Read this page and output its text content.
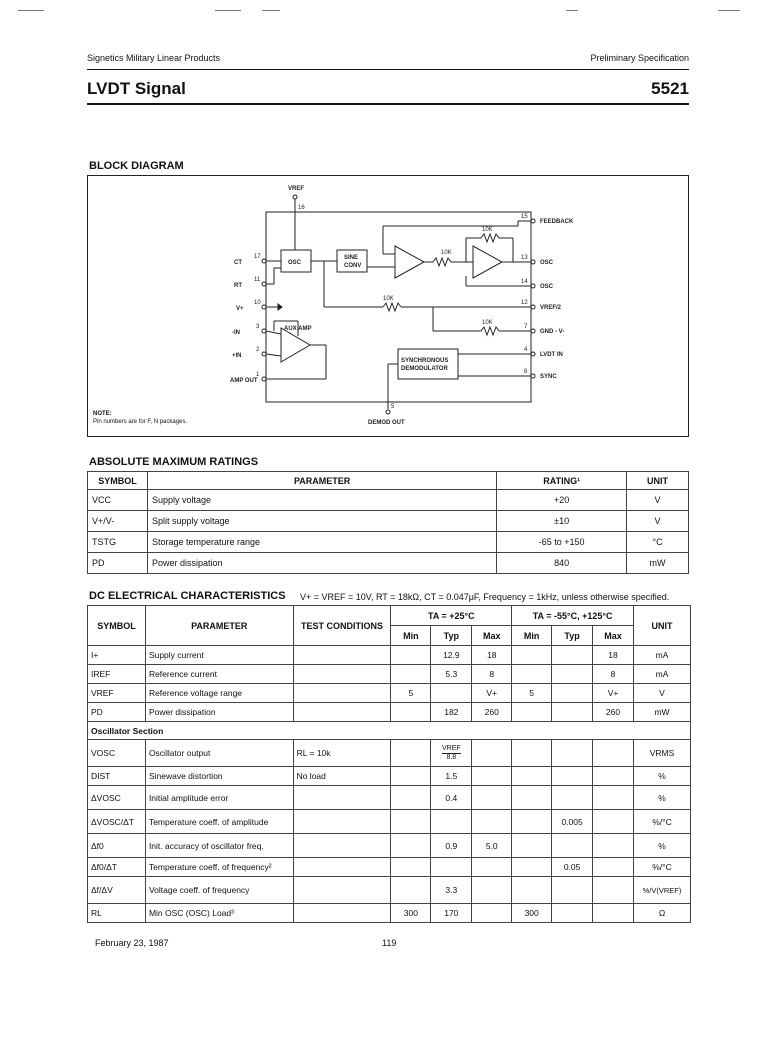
Signetics Military Linear Products	Preliminary Specification
LVDT Signal	5521
BLOCK DIAGRAM
VREF
16
OSC
SINE
CONV
10K
10K
10K
10K
AUX AMP
SYNCHRONOUS
DEMODULATOR
DEMOD OUT
5
FEEDBACK
OSC
OSC
VREF/2
GND - V-
LVDT IN
SYNC
15
13
14
12
7
4
8
CT
RT
V+
-IN
+IN
AMP OUT
17
11
10
3
2
1
NOTE:
Pin numbers are for F, N packages.
ABSOLUTE MAXIMUM RATINGS
SYMBOL	PARAMETER	RATING¹	UNIT
VCC	Supply voltage	+20	V
V+/V-	Split supply voltage	±10	V
TSTG	Storage temperature range	-65 to +150	°C
PD	Power dissipation	840	mW
DC ELECTRICAL CHARACTERISTICS V+ = VREF = 10V, RT = 18kΩ, CT = 0.047μF, Frequency = 1kHz, unless otherwise specified.
SYMBOL	PARAMETER	TEST CONDITIONS	TA = +25°C			TA = -55°C, +125°C			UNIT
			Min	Typ	Max	Min	Typ	Max	
I+	Supply current			12.9	18			18	mA
IREF	Reference current			5.3	8			8	mA
VREF	Reference voltage range		5		V+	5		V+	V
PD	Power dissipation			182	260			260	mW
Oscillator Section									
VOSC	Oscillator output	RL = 10k		$\frac{\text{VREF}}{8.8}$					VRMS
DIST	Sinewave distortion	No load		1.5					%
ΔVOSC	Initial amplitude error			0.4					%
ΔVOSC/ΔT	Temperature coeff. of amplitude						0.005		%/°C
Δf0	Init. accuracy of oscillator freq.			0.9	5.0				%
Δf0/ΔT	Temperature coeff. of frequency²						0.05		%/°C
Δf/ΔV	Voltage coeff. of frequency			3.3					%/V(VREF)
RL	Min OSC (OSC) Load³		300	170		300			Ω
February 23, 1987	119
